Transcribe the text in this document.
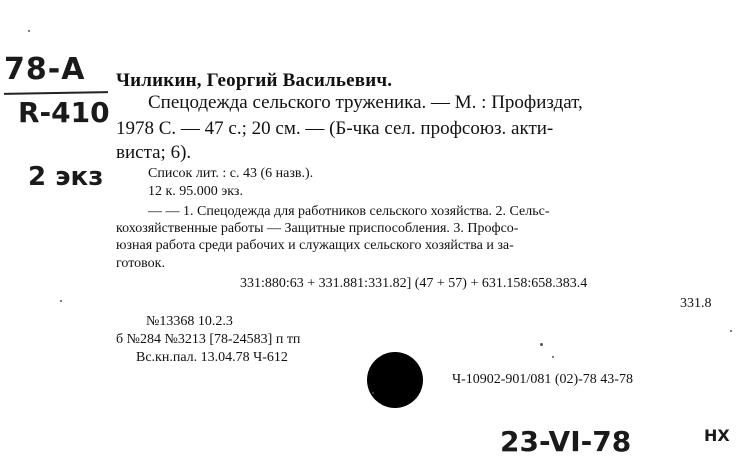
78-А
R-410
2 экз
Чиликин, Георгий Васильевич.
Спецодежда сельского труженика. — М. : Профиздат,
1978 С. — 47 с.; 20 см. — (Б-чка сел. профсоюз. акти-
виста; 6).
Список лит. : с. 43 (6 назв.).
12 к. 95.000 экз.
— — 1. Спецодежда для работников сельского хозяйства. 2. Сельс-
кохозяйственные работы — Защитные приспособления. 3. Профсо-
юзная работа среди рабочих и служащих сельского хозяйства и за-
готовок.
331:880:63 + 331.881:331.82] (47 + 57) + 631.158:658.383.4
331.8
№13368 10.2.3
б №284 №3213 [78-24583] п тп
Вс.кн.пал. 13.04.78 Ч-612
Ч-10902-901/081 (02)-78 43-78
23-VI-78	НХ
